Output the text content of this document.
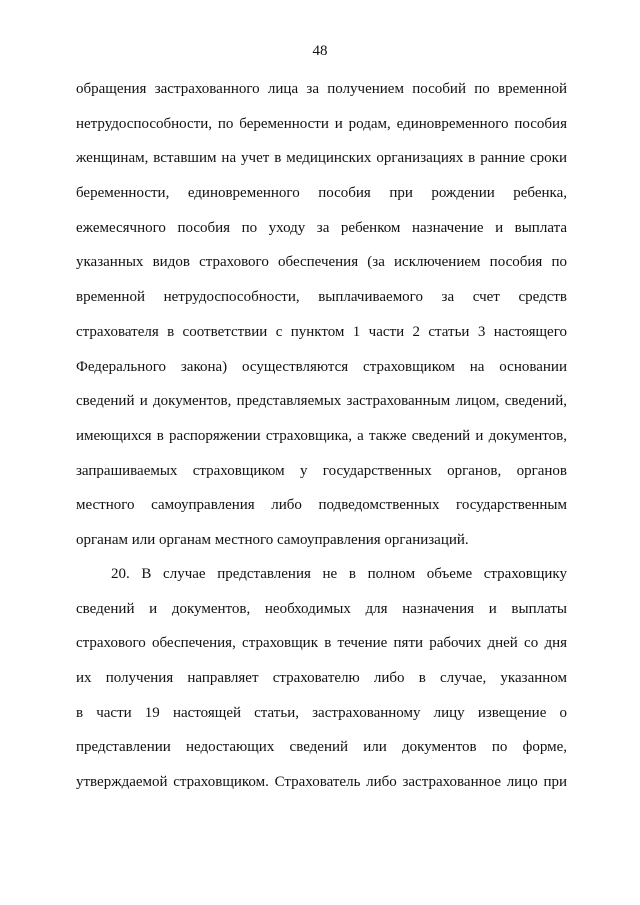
48
обращения застрахованного лица за получением пособий по временной
нетрудоспособности, по беременности и родам, единовременного пособия
женщинам, вставшим на учет в медицинских организациях в ранние сроки
беременности, единовременного пособия при рождении ребенка,
ежемесячного пособия по уходу за ребенком назначение и выплата
указанных видов страхового обеспечения (за исключением пособия по
временной нетрудоспособности, выплачиваемого за счет средств
страхователя в соответствии с пунктом 1 части 2 статьи 3 настоящего
Федерального закона) осуществляются страховщиком на основании
сведений и документов, представляемых застрахованным лицом, сведений,
имеющихся в распоряжении страховщика, а также сведений и документов,
запрашиваемых страховщиком у государственных органов, органов
местного самоуправления либо подведомственных государственным
органам или органам местного самоуправления организаций.
20. В случае представления не в полном объеме страховщику
сведений и документов, необходимых для назначения и выплаты
страхового обеспечения, страховщик в течение пяти рабочих дней со дня
их получения направляет страхователю либо в случае, указанном
в части 19 настоящей статьи, застрахованному лицу извещение о
представлении недостающих сведений или документов по форме,
утверждаемой страховщиком. Страхователь либо застрахованное лицо при
